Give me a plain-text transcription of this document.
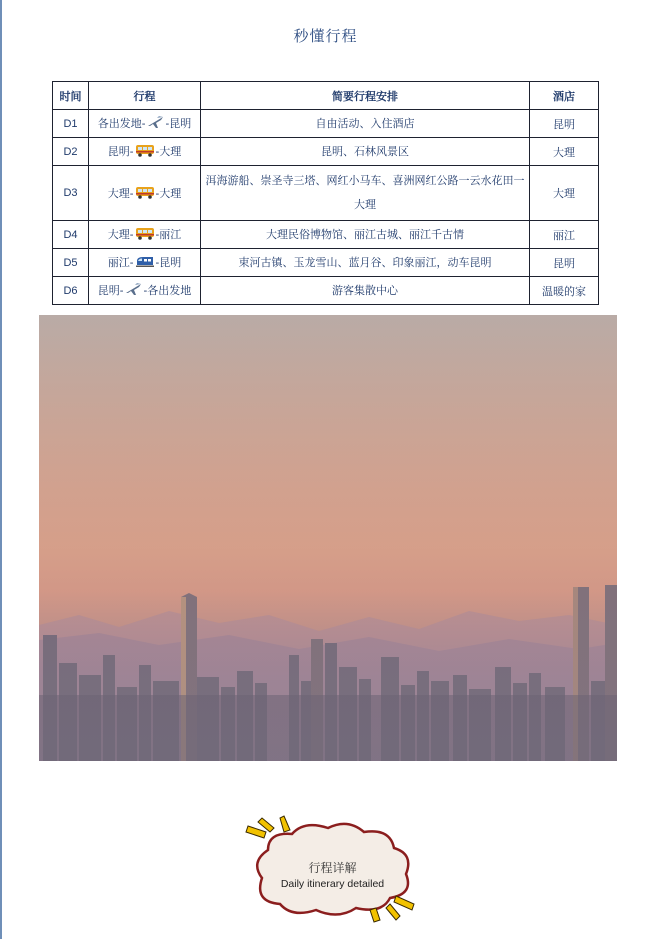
秒懂行程
时间	行程	简要行程安排	酒店
D1	各出发地- -昆明	自由活动、入住酒店	昆明
D2	昆明- -大理	昆明、石林风景区	大理
D3	大理- -大理	洱海游船、崇圣寺三塔、网红小马车、喜洲网红公路一云水花田一大理	大理
D4	大理- -丽江	大理民俗博物馆、丽江古城、丽江千古情	丽江
D5	丽江- -昆明	束河古镇、玉龙雪山、蓝月谷、印象丽江，动车昆明	昆明
D6	昆明- -各出发地	游客集散中心	温暖的家
行程详解
Daily itinerary detailed
